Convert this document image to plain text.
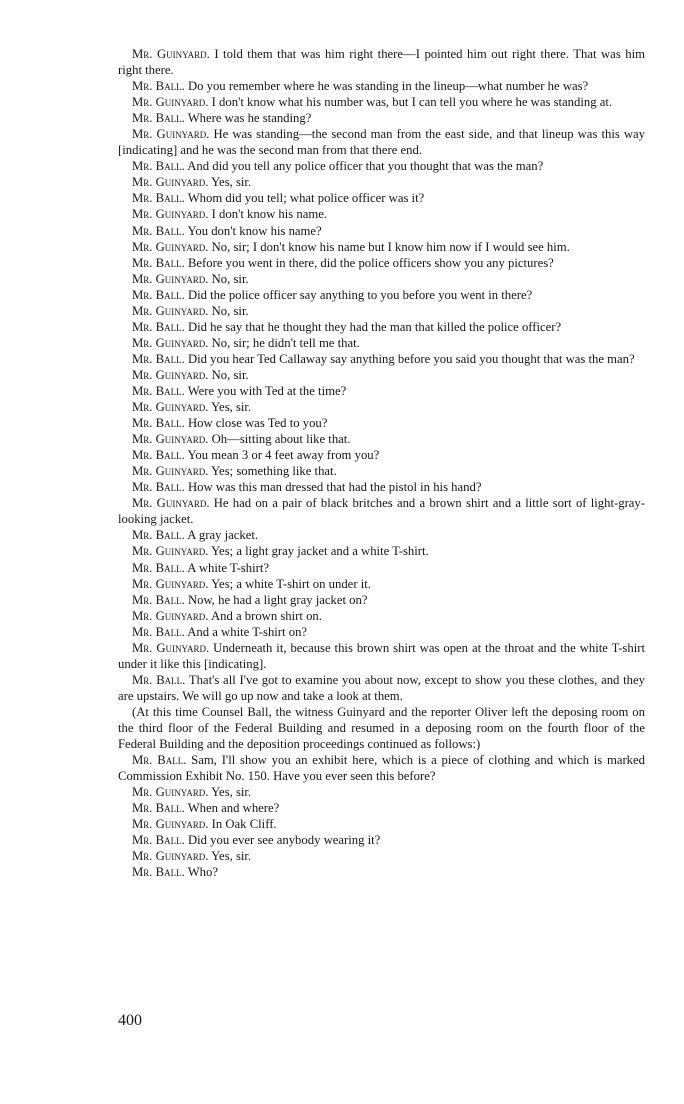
Mr. Guinyard. I told them that was him right there—I pointed him out right there. That was him right there.

Mr. Ball. Do you remember where he was standing in the lineup—what number he was?

Mr. Guinyard. I don't know what his number was, but I can tell you where he was standing at.

Mr. Ball. Where was he standing?

Mr. Guinyard. He was standing—the second man from the east side, and that lineup was this way [indicating] and he was the second man from that there end.

Mr. Ball. And did you tell any police officer that you thought that was the man?

Mr. Guinyard. Yes, sir.

Mr. Ball. Whom did you tell; what police officer was it?

Mr. Guinyard. I don't know his name.

Mr. Ball. You don't know his name?

Mr. Guinyard. No, sir; I don't know his name but I know him now if I would see him.

Mr. Ball. Before you went in there, did the police officers show you any pictures?

Mr. Guinyard. No, sir.

Mr. Ball. Did the police officer say anything to you before you went in there?

Mr. Guinyard. No, sir.

Mr. Ball. Did he say that he thought they had the man that killed the police officer?

Mr. Guinyard. No, sir; he didn't tell me that.

Mr. Ball. Did you hear Ted Callaway say anything before you said you thought that was the man?

Mr. Guinyard. No, sir.

Mr. Ball. Were you with Ted at the time?

Mr. Guinyard. Yes, sir.

Mr. Ball. How close was Ted to you?

Mr. Guinyard. Oh—sitting about like that.

Mr. Ball. You mean 3 or 4 feet away from you?

Mr. Guinyard. Yes; something like that.

Mr. Ball. How was this man dressed that had the pistol in his hand?

Mr. Guinyard. He had on a pair of black britches and a brown shirt and a little sort of light-gray-looking jacket.

Mr. Ball. A gray jacket.

Mr. Guinyard. Yes; a light gray jacket and a white T-shirt.

Mr. Ball. A white T-shirt?

Mr. Guinyard. Yes; a white T-shirt on under it.

Mr. Ball. Now, he had a light gray jacket on?

Mr. Guinyard. And a brown shirt on.

Mr. Ball. And a white T-shirt on?

Mr. Guinyard. Underneath it, because this brown shirt was open at the throat and the white T-shirt under it like this [indicating].

Mr. Ball. That's all I've got to examine you about now, except to show you these clothes, and they are upstairs. We will go up now and take a look at them.

(At this time Counsel Ball, the witness Guinyard and the reporter Oliver left the deposing room on the third floor of the Federal Building and resumed in a deposing room on the fourth floor of the Federal Building and the deposition proceedings continued as follows:)

Mr. Ball. Sam, I'll show you an exhibit here, which is a piece of clothing and which is marked Commission Exhibit No. 150. Have you ever seen this before?

Mr. Guinyard. Yes, sir.

Mr. Ball. When and where?

Mr. Guinyard. In Oak Cliff.

Mr. Ball. Did you ever see anybody wearing it?

Mr. Guinyard. Yes, sir.

Mr. Ball. Who?

400
